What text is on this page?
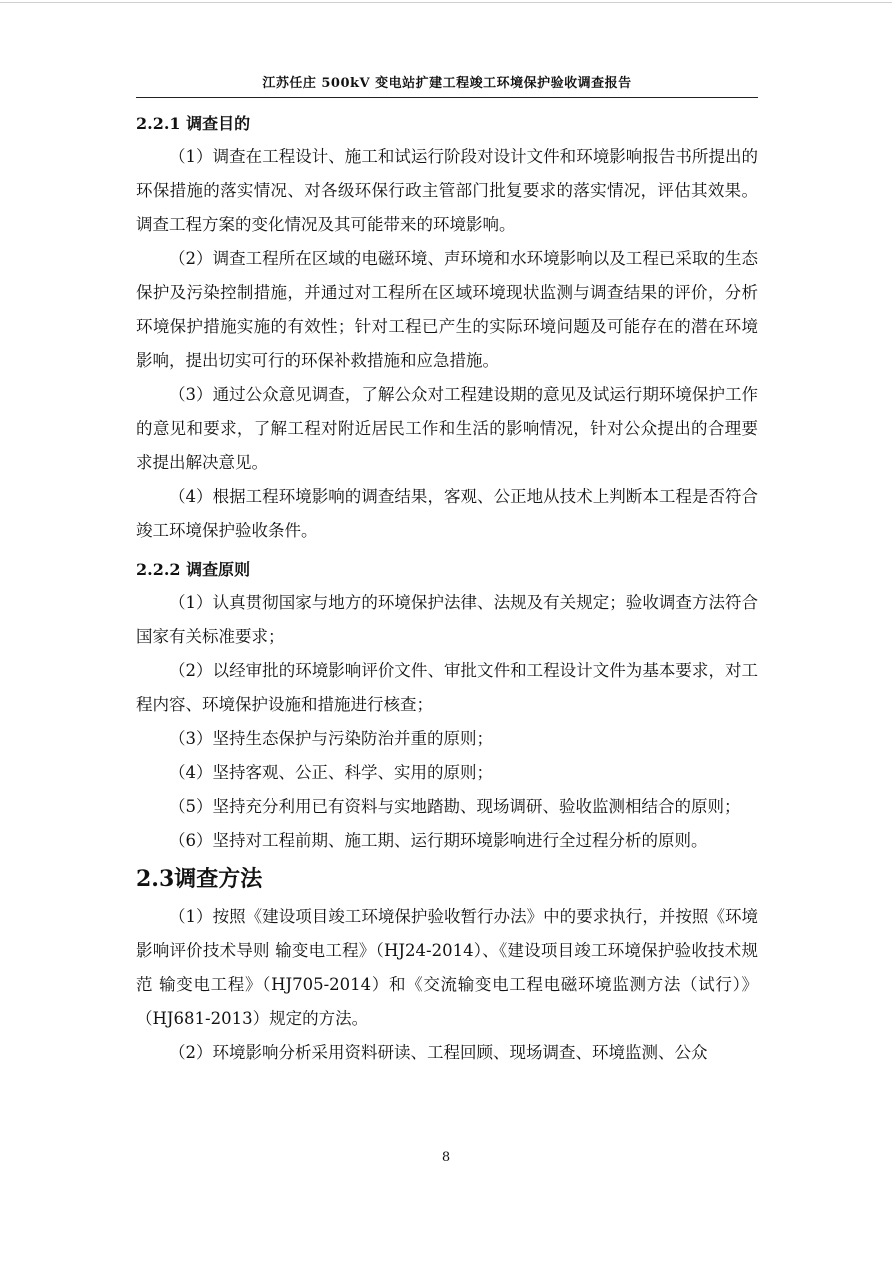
江苏任庄 500kV 变电站扩建工程竣工环境保护验收调查报告
2.2.1 调查目的

（1）调查在工程设计、施工和试运行阶段对设计文件和环境影响报告书所提出的环保措施的落实情况、对各级环保行政主管部门批复要求的落实情况，评估其效果。调查工程方案的变化情况及其可能带来的环境影响。

（2）调查工程所在区域的电磁环境、声环境和水环境影响以及工程已采取的生态保护及污染控制措施，并通过对工程所在区域环境现状监测与调查结果的评价，分析环境保护措施实施的有效性；针对工程已产生的实际环境问题及可能存在的潜在环境影响，提出切实可行的环保补救措施和应急措施。

（3）通过公众意见调查，了解公众对工程建设期的意见及试运行期环境保护工作的意见和要求，了解工程对附近居民工作和生活的影响情况，针对公众提出的合理要求提出解决意见。

（4）根据工程环境影响的调查结果，客观、公正地从技术上判断本工程是否符合竣工环境保护验收条件。

2.2.2 调查原则

（1）认真贯彻国家与地方的环境保护法律、法规及有关规定；验收调查方法符合国家有关标准要求；

（2）以经审批的环境影响评价文件、审批文件和工程设计文件为基本要求，对工程内容、环境保护设施和措施进行核查；

（3）坚持生态保护与污染防治并重的原则；

（4）坚持客观、公正、科学、实用的原则；

（5）坚持充分利用已有资料与实地踏勘、现场调研、验收监测相结合的原则；

（6）坚持对工程前期、施工期、运行期环境影响进行全过程分析的原则。

2.3调查方法

（1）按照《建设项目竣工环境保护验收暂行办法》中的要求执行，并按照《环境影响评价技术导则 输变电工程》（HJ24-2014）、《建设项目竣工环境保护验收技术规范 输变电工程》（HJ705-2014）和《交流输变电工程电磁环境监测方法（试行）》（HJ681-2013）规定的方法。

（2）环境影响分析采用资料研读、工程回顾、现场调查、环境监测、公众

8
